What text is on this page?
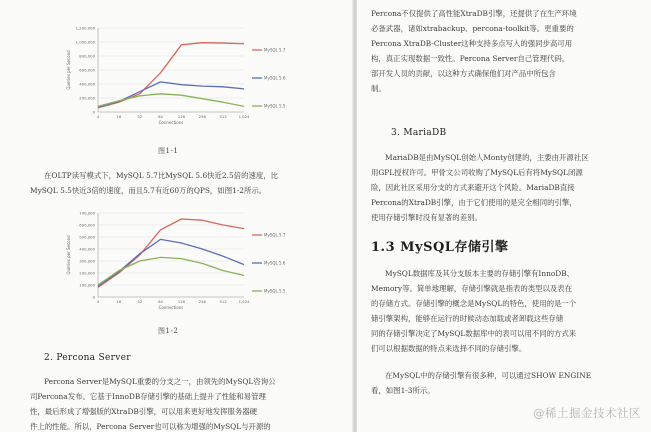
0
200,000
400,000
600,000
800,000
1,000,000
1,200,000
4	16	32	64	128	256	512	1,024
Connections
Queries per Second
MySQL 5.7
MySQL 5.6
MySQL 5.5
图1-1
在OLTP读写模式下，MySQL 5.7比MySQL 5.6快近2.5倍的速度，比
MySQL 5.5快近3倍的速度，而且5.7有近60万的QPS，如图1-2所示。
0
100,000
200,000
300,000
400,000
500,000
600,000
700,000
4	16	32	64	128	256	512	1,024
Connections
Queries per Second
MySQL 5.7
MySQL 5.6
MySQL 5.5
图1-2
2. Percona Server
Percona Server是MySQL重要的分支之一，由领先的MySQL咨询公
司Percona发布。它基于InnoDB存储引擎的基础上提升了性能和易管理
性，最后形成了增强版的XtraDB引擎，可以用来更好地发挥服务器硬
件上的性能。所以，Percona Server也可以称为增强的MySQL与开源的
Percona不仅提供了高性能XtraDB引擎，还提供了在生产环境
必备武器，诸如xtrabackup、percona-toolkit等。更重要的
Percona XtraDB-Cluster这种支持多点写入的强同步高可用
构，真正实现数据一致性。Percona Server自己管理代码，
部开发人员的贡献，以这种方式确保他们对产品中所包含
制。
3. MariaDB
MariaDB是由MySQL创始人Monty创建的，主要由开源社区
用GPL授权许可。甲骨文公司收购了MySQL后有将MySQL闭源
险，因此社区采用分支的方式来避开这个风险。MariaDB直接
Percona的XtraDB引擎，由于它们使用的是完全相同的引擎，
使用存储引擎时没有显著的差别。
1.3 MySQL存储引擎
MySQL数据库及其分支版本主要的存储引擎有InnoDB、
Memory等。简单地理解，存储引擎就是指表的类型以及表在
的存储方式。存储引擎的概念是MySQL的特色，使用的是一个
储引擎架构，能够在运行的时候动态加载或者卸载这些存储
同的存储引擎决定了MySQL数据库中的表可以用不同的方式来
们可以根据数据的特点来选择不同的存储引擎。
在MySQL中的存储引擎有很多种，可以通过SHOW ENGINE
看，如图1-3所示。
@稀土掘金技术社区
